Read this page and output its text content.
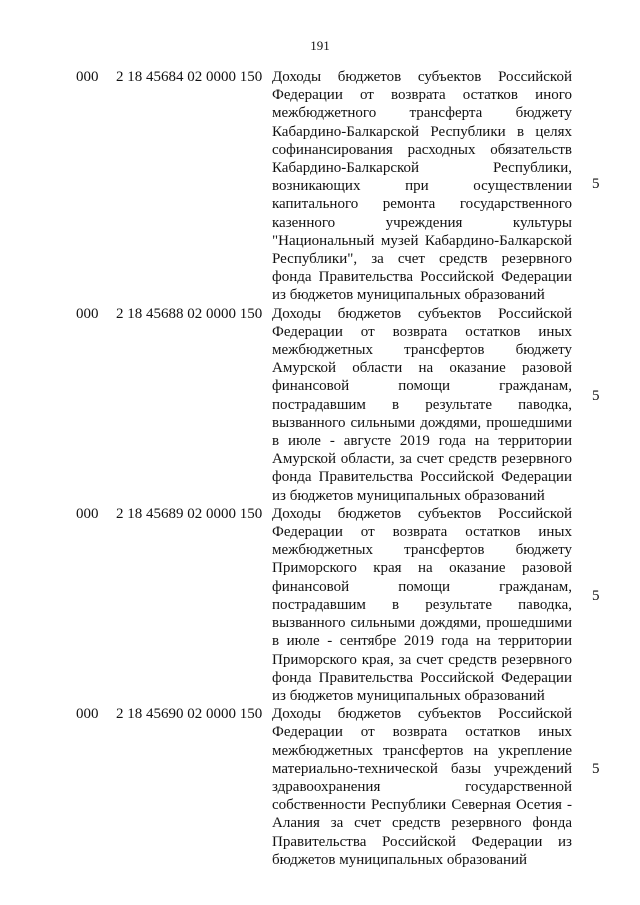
191
000 2 18 45684 02 0000 150 Доходы бюджетов субъектов Российской Федерации от возврата остатков иного межбюджетного трансферта бюджету Кабардино-Балкарской Республики в целях софинансирования расходных обязательств Кабардино-Балкарской Республики, возникающих при осуществлении капитального ремонта государственного казенного учреждения культуры "Национальный музей Кабардино-Балкарской Республики", за счет средств резервного фонда Правительства Российской Федерации из бюджетов муниципальных образований
5
000 2 18 45688 02 0000 150 Доходы бюджетов субъектов Российской Федерации от возврата остатков иных межбюджетных трансфертов бюджету Амурской области на оказание разовой финансовой помощи гражданам, пострадавшим в результате паводка, вызванного сильными дождями, прошедшими в июле - августе 2019 года на территории Амурской области, за счет средств резервного фонда Правительства Российской Федерации из бюджетов муниципальных образований
5
000 2 18 45689 02 0000 150 Доходы бюджетов субъектов Российской Федерации от возврата остатков иных межбюджетных трансфертов бюджету Приморского края на оказание разовой финансовой помощи гражданам, пострадавшим в результате паводка, вызванного сильными дождями, прошедшими в июле - сентябре 2019 года на территории Приморского края, за счет средств резервного фонда Правительства Российской Федерации из бюджетов муниципальных образований
5
000 2 18 45690 02 0000 150 Доходы бюджетов субъектов Российской Федерации от возврата остатков иных межбюджетных трансфертов на укрепление материально-технической базы учреждений здравоохранения государственной собственности Республики Северная Осетия - Алания за счет средств резервного фонда Правительства Российской Федерации из бюджетов муниципальных образований
5
